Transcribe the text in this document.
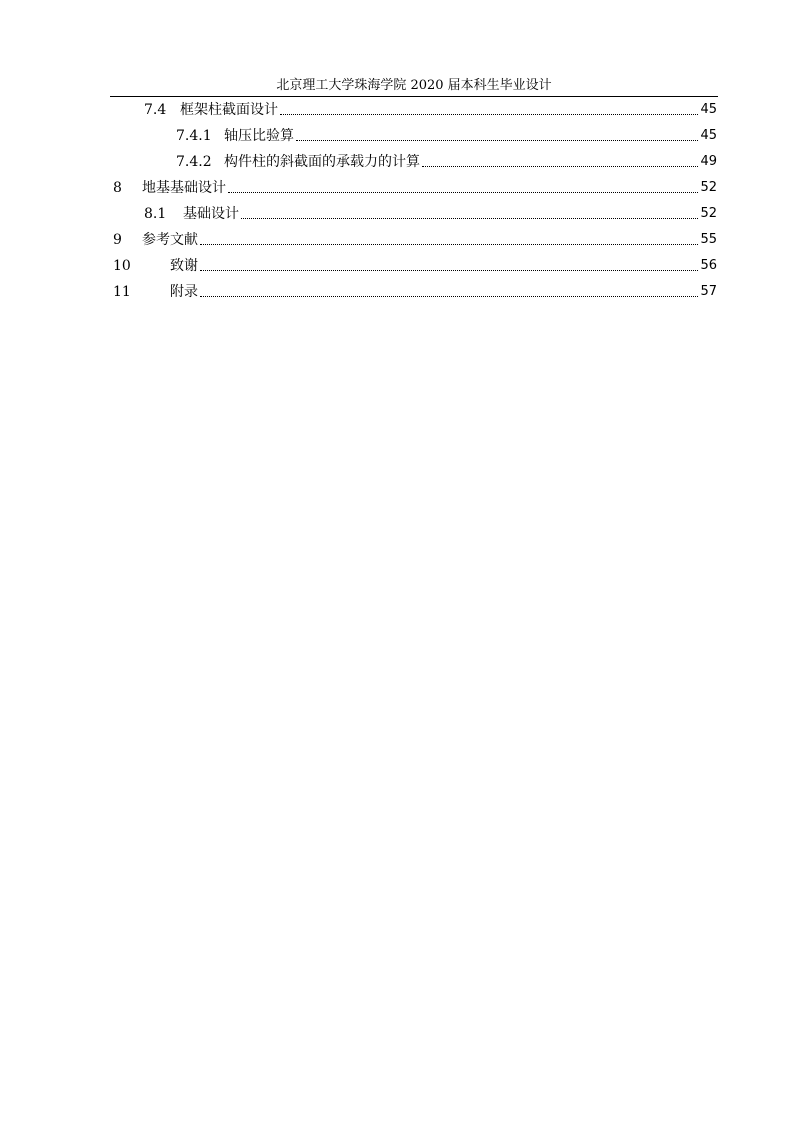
北京理工大学珠海学院 2020 届本科生毕业设计
7.4 框架柱截面设计	45
7.4.1 轴压比验算	45
7.4.2 构件柱的斜截面的承载力的计算	49
8	地基基础设计	52
8.1	基础设计	52
9	参考文献	55
10	致谢	56
11	附录	57
